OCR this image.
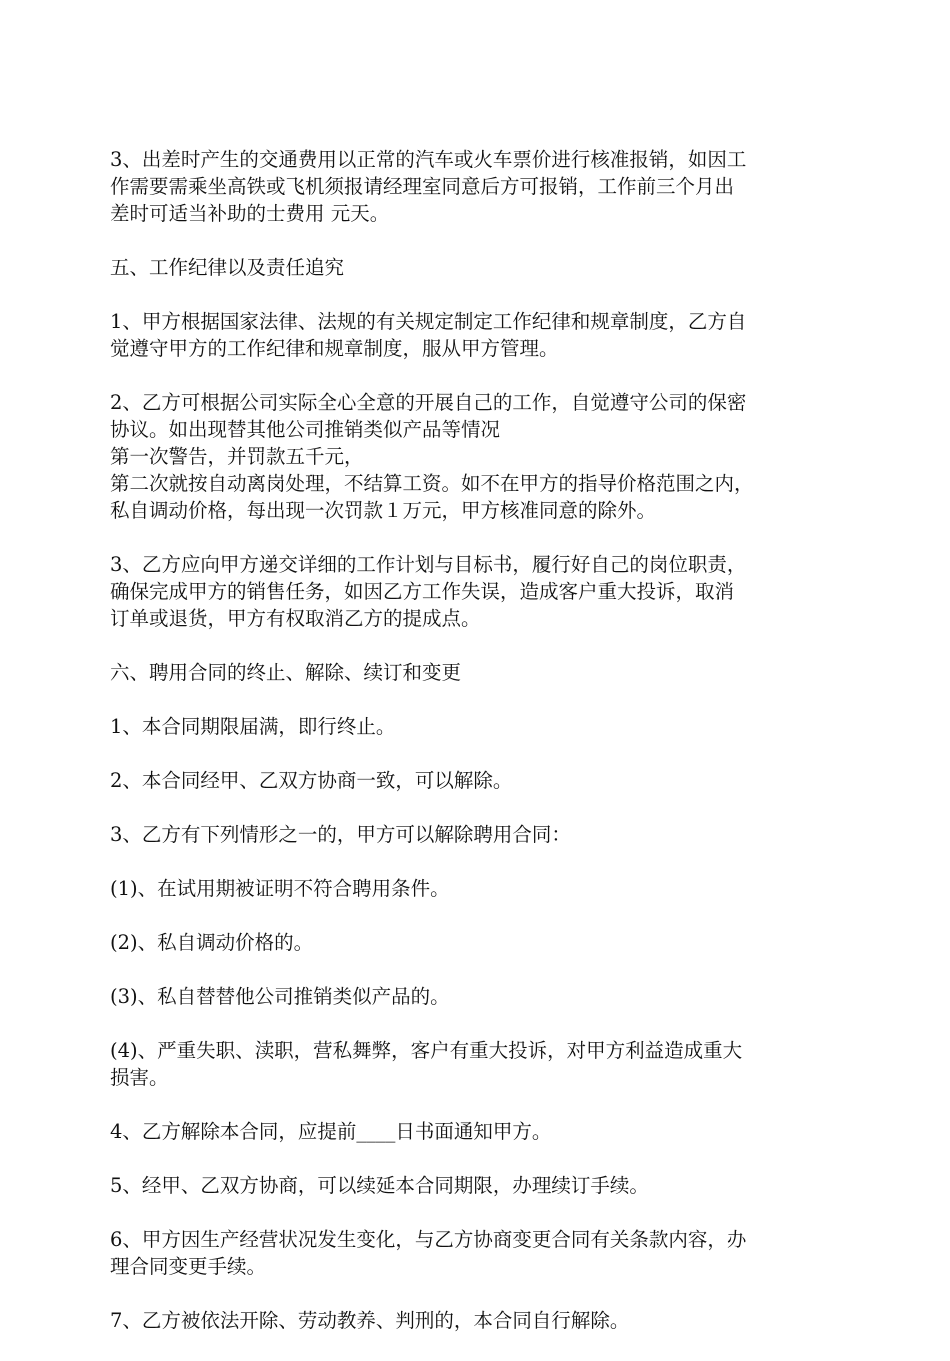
3、出差时产生的交通费用以正常的汽车或火车票价进行核准报销，如因工
作需要需乘坐高铁或飞机须报请经理室同意后方可报销，工作前三个月出
差时可适当补助的士费用 元天。
五、工作纪律以及责任追究
1、甲方根据国家法律、法规的有关规定制定工作纪律和规章制度，乙方自
觉遵守甲方的工作纪律和规章制度，服从甲方管理。
2、乙方可根据公司实际全心全意的开展自己的工作，自觉遵守公司的保密
协议。如出现替其他公司推销类似产品等情况
第一次警告，并罚款五千元，
第二次就按自动离岗处理，不结算工资。如不在甲方的指导价格范围之内，
私自调动价格，每出现一次罚款１万元，甲方核准同意的除外。
3、乙方应向甲方递交详细的工作计划与目标书，履行好自己的岗位职责，
确保完成甲方的销售任务，如因乙方工作失误，造成客户重大投诉，取消
订单或退货，甲方有权取消乙方的提成点。
六、聘用合同的终止、解除、续订和变更
1、本合同期限届满，即行终止。
2、本合同经甲、乙双方协商一致，可以解除。
3、乙方有下列情形之一的，甲方可以解除聘用合同：
(1)、在试用期被证明不符合聘用条件。
(2)、私自调动价格的。
(3)、私自替替他公司推销类似产品的。
(4)、严重失职、渎职，营私舞弊，客户有重大投诉，对甲方利益造成重大
损害。
4、乙方解除本合同，应提前____日书面通知甲方。
5、经甲、乙双方协商，可以续延本合同期限，办理续订手续。
6、甲方因生产经营状况发生变化，与乙方协商变更合同有关条款内容，办
理合同变更手续。
7、乙方被依法开除、劳动教养、判刑的，本合同自行解除。
